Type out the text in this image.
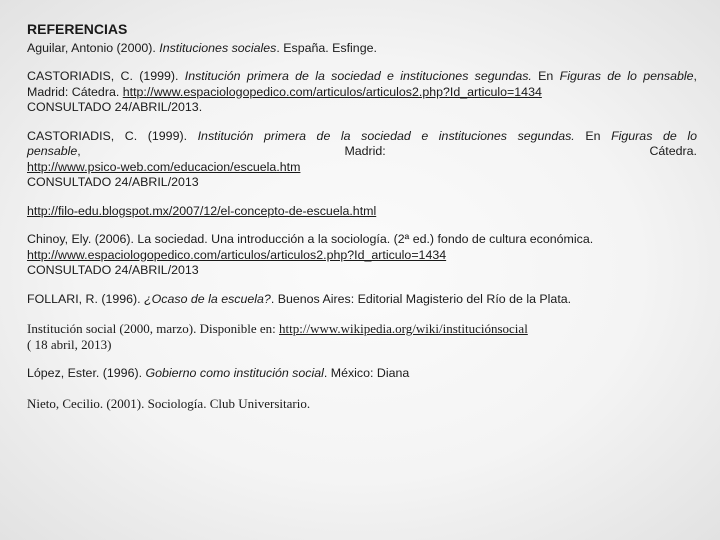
REFERENCIAS

Aguilar, Antonio (2000). Instituciones sociales. España. Esfinge.

CASTORIADIS, C. (1999). Institución primera de la sociedad e instituciones segundas. En Figuras de lo pensable, Madrid: Cátedra. http://www.espaciologopedico.com/articulos/articulos2.php?Id_articulo=1434
CONSULTADO 24/ABRIL/2013.

CASTORIADIS, C. (1999). Institución primera de la sociedad e instituciones segundas. En Figuras de lo
pensable, Madrid:	Cátedra.
http://www.psico-web.com/educacion/escuela.htm
CONSULTADO 24/ABRIL/2013

http://filo-edu.blogspot.mx/2007/12/el-concepto-de-escuela.html

Chinoy, Ely. (2006). La sociedad. Una introducción a la sociología. (2ª ed.) fondo de cultura económica.
http://www.espaciologopedico.com/articulos/articulos2.php?Id_articulo=1434
CONSULTADO 24/ABRIL/2013

FOLLARI, R. (1996). ¿Ocaso de la escuela?. Buenos Aires: Editorial Magisterio del Río de la Plata.

Institución social (2000, marzo). Disponible en: http://www.wikipedia.org/wiki/instituciónsocial
( 18 abril, 2013)

López, Ester. (1996). Gobierno como institución social. México: Diana

Nieto, Cecilio. (2001). Sociología. Club Universitario.
